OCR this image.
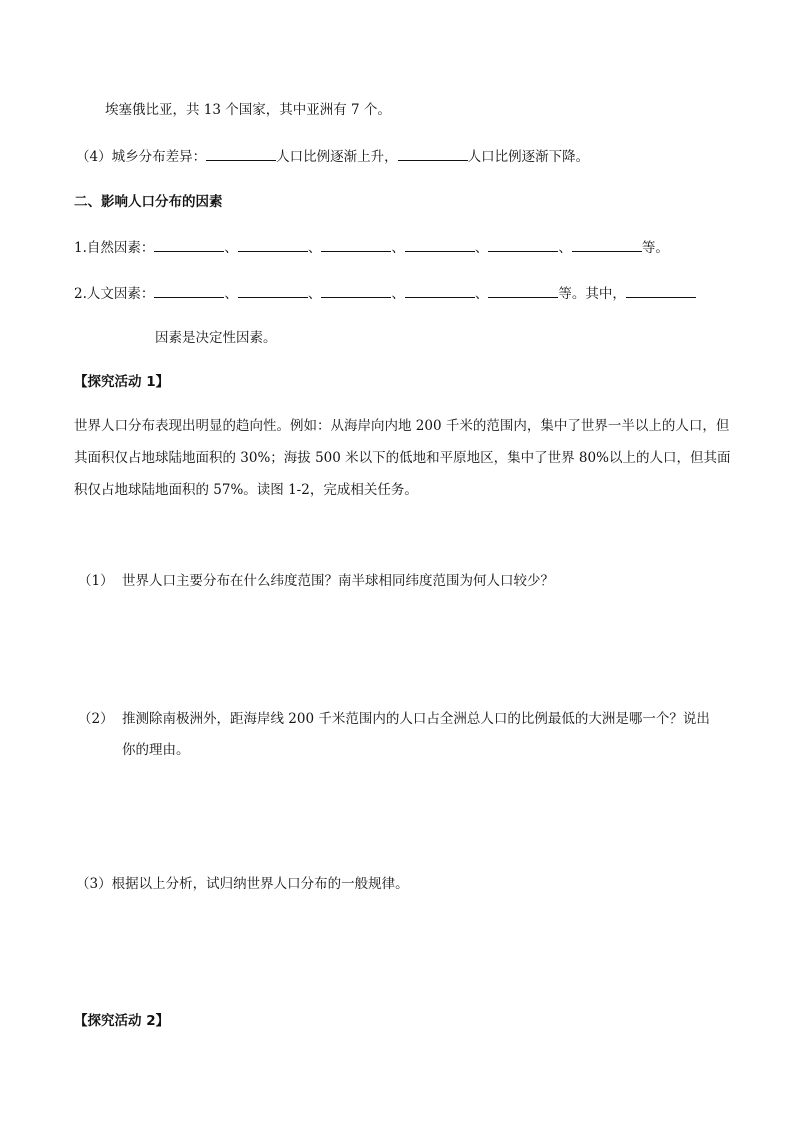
埃塞俄比亚，共 13 个国家，其中亚洲有 7 个。
（4）城乡分布差异：	人口比例逐渐上升，	人口比例逐渐下降。
二、影响人口分布的因素
1.自然因素：	、	、	、	、	、	等。
2.人文因素：	、	、	、	、	等。其中，
因素是决定性因素。
【探究活动 1】
世界人口分布表现出明显的趋向性。例如：从海岸向内地 200 千米的范围内，集中了世界一半以上的人口，但其面积仅占地球陆地面积的 30%；海拔 500 米以下的低地和平原地区，集中了世界 80%以上的人口，但其面积仅占地球陆地面积的 57%。读图 1-2，完成相关任务。
（1） 世界人口主要分布在什么纬度范围？南半球相同纬度范围为何人口较少？
（2） 推测除南极洲外，距海岸线 200 千米范围内的人口占全洲总人口的比例最低的大洲是哪一个？说出
你的理由。
（3）根据以上分析，试归纳世界人口分布的一般规律。
【探究活动 2】
